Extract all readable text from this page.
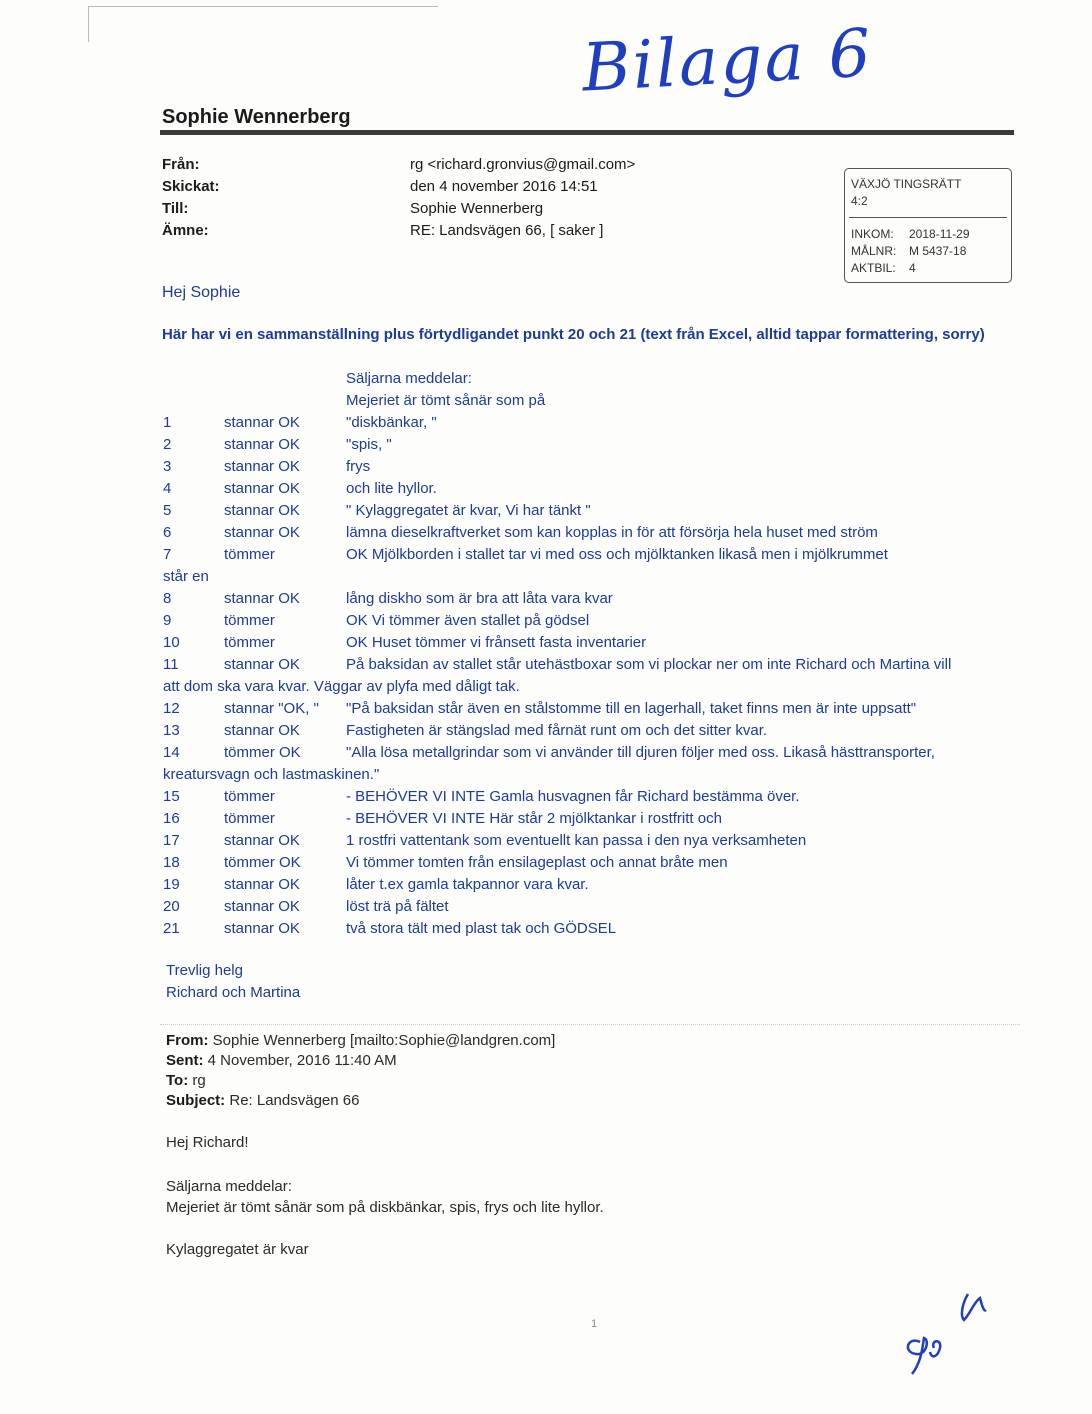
Bilaga 6
Sophie Wennerberg
Från:	rg <richard.gronvius@gmail.com>
Skickat:	den 4 november 2016 14:51
Till:	Sophie Wennerberg
Ämne:	RE: Landsvägen 66, [ saker ]
VÄXJÖ TINGSRÄTT
4:2
INKOM: 2018-11-29
MÅLNR: M 5437-18
AKTBIL: 4
Hej Sophie
Här har vi en sammanställning plus förtydligandet punkt 20 och 21 (text från Excel, alltid tappar formattering, sorry)
Säljarna meddelar:
Mejeriet är tömt sånär som på
1	stannar OK	"diskbänkar, "
2	stannar OK	"spis, "
3	stannar OK	frys
4	stannar OK	och lite hyllor.
5	stannar OK	" Kylaggregatet är kvar, Vi har tänkt "
6	stannar OK	lämna dieselkraftverket som kan kopplas in för att försörja hela huset med ström
7	tömmer	OK Mjölkborden i stallet tar vi med oss och mjölktanken likaså men i mjölkrummet
står en
8	stannar OK	lång diskho som är bra att låta vara kvar
9	tömmer	OK Vi tömmer även stallet på gödsel
10	tömmer	OK Huset tömmer vi frånsett fasta inventarier
11	stannar OK	På baksidan av stallet står utehästboxar som vi plockar ner om inte Richard och Martina vill
att dom ska vara kvar. Väggar av plyfa med dåligt tak.
12	stannar "OK, " "På baksidan står även en stålstomme till en lagerhall, taket finns men är inte uppsatt"
13	stannar OK	Fastigheten är stängslad med fårnät runt om och det sitter kvar.
14	tömmer OK	"Alla lösa metallgrindar som vi använder till djuren följer med oss. Likaså hästtransporter,
kreatursvagn och lastmaskinen."
15	tömmer	- BEHÖVER VI INTE Gamla husvagnen får Richard bestämma över.
16	tömmer	- BEHÖVER VI INTE Här står 2 mjölktankar i rostfritt och
17	stannar OK	1 rostfri vattentank som eventuellt kan passa i den nya verksamheten
18	tömmer OK	Vi tömmer tomten från ensilageplast och annat bråte men
19	stannar OK	låter t.ex gamla takpannor vara kvar.
20	stannar OK	löst trä på fältet
21	stannar OK	två stora tält med plast tak och GÖDSEL
Trevlig helg
Richard och Martina
From: Sophie Wennerberg [mailto:Sophie@landgren.com]
Sent: 4 November, 2016 11:40 AM
To: rg
Subject: Re: Landsvägen 66
Hej Richard!
Säljarna meddelar:
Mejeriet är tömt sånär som på diskbänkar, spis, frys och lite hyllor.
Kylaggregatet är kvar
1
